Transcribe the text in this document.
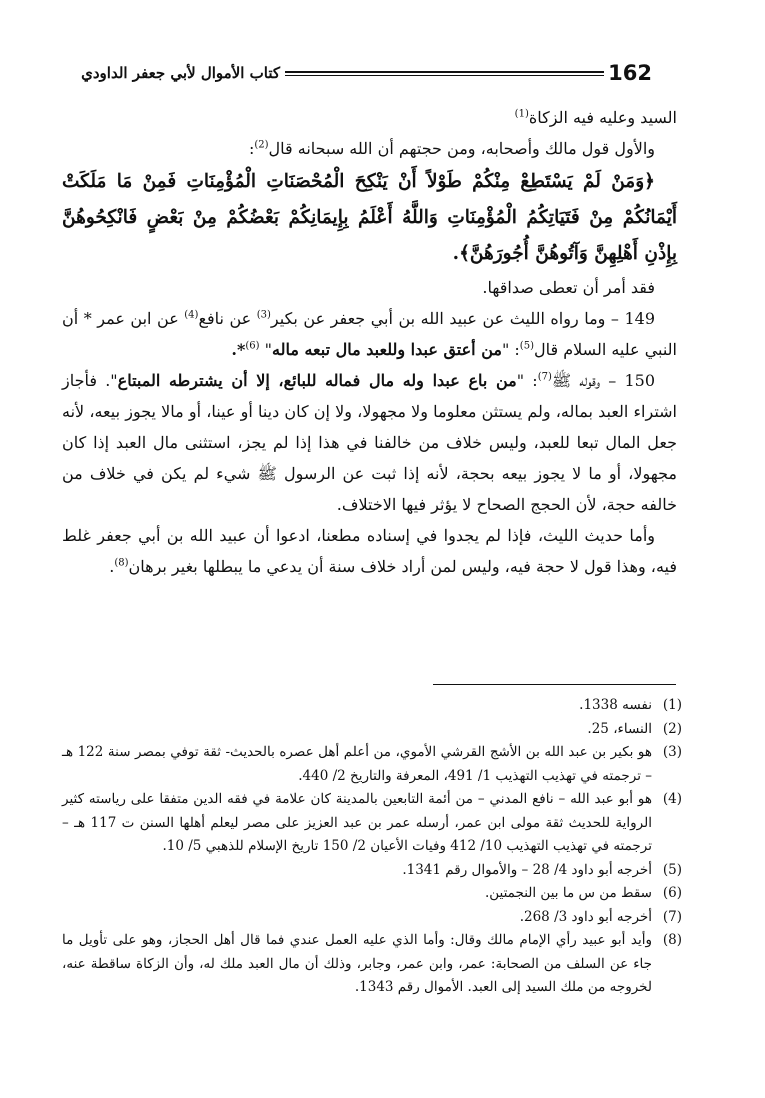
كتاب الأموال لأبي جعفر الداودي	162

السيد وعليه فيه الزكاة$^{(1)}$

والأول قول مالك وأصحابه، ومن حجتهم أن الله سبحانه قال$^{(2)}$:

﴿وَمَنْ لَمْ يَسْتَطِعْ مِنْكُمْ طَوْلاً أَنْ يَنْكِحَ الْمُحْصَنَاتِ الْمُؤْمِنَاتِ فَمِنْ مَا مَلَكَتْ أَيْمَانُكُمْ مِنْ فَتَيَاتِكُمُ الْمُؤْمِنَاتِ وَاللَّهُ أَعْلَمُ بِإِيمَانِكُمْ بَعْضُكُمْ مِنْ بَعْضٍ فَانْكِحُوهُنَّ بِإِذْنِ أَهْلِهِنَّ وَآتُوهُنَّ أُجُورَهُنَّ﴾.

فقد أمر أن تعطى صداقها.

149 – وما رواه الليث عن عبيد الله بن أبي جعفر عن بكير$^{(3)}$ عن نافع$^{(4)}$ عن ابن عمر * أن النبي عليه السلام قال$^{(5)}$: "من أعتق عبدا وللعبد مال تبعه ماله" $^{(6)}$*.

150 – وقوله ﷺ$^{(7)}$: "من باع عبدا وله مال فماله للبائع، إلا أن يشترطه المبتاع". فأجاز اشتراء العبد بماله، ولم يستثن معلوما ولا مجهولا، ولا إن كان دينا أو عينا، أو مالا يجوز بيعه، لأنه جعل المال تبعا للعبد، وليس خلاف من خالفنا في هذا إذا لم يجز، استثنى مال العبد إذا كان مجهولا، أو ما لا يجوز بيعه بحجة، لأنه إذا ثبت عن الرسول ﷺ شيء لم يكن في خلاف من خالفه حجة، لأن الحجج الصحاح لا يؤثر فيها الاختلاف.

وأما حديث الليث، فإذا لم يجدوا في إسناده مطعنا، ادعوا أن عبيد الله بن أبي جعفر غلط فيه، وهذا قول لا حجة فيه، وليس لمن أراد خلاف سنة أن يدعي ما يبطلها بغير برهان$^{(8)}$.

(1)
نفسه 1338.
(2)
النساء، 25.
(3)
هو بكير بن عبد الله بن الأشج القرشي الأموي، من أعلم أهل عصره بالحديث- ثقة توفي بمصر سنة 122 هـ – ترجمته في تهذيب التهذيب 1/ 491، المعرفة والتاريخ 2/ 440.
(4)
هو أبو عبد الله – نافع المدني – من أئمة التابعين بالمدينة كان علامة في فقه الدين متفقا على رياسته كثير الرواية للحديث ثقة مولى ابن عمر، أرسله عمر بن عبد العزيز على مصر ليعلم أهلها السنن ت 117 هـ –ترجمته في تهذيب التهذيب 10/ 412 وفيات الأعيان 2/ 150 تاريخ الإسلام للذهبي 5/ 10.
(5)
أخرجه أبو داود 4/ 28 – والأموال رقم 1341.
(6)
سقط من س ما بين النجمتين.
(7)
أخرجه أبو داود 3/ 268.
(8)
وأيد أبو عبيد رأي الإمام مالك وقال: وأما الذي عليه العمل عندي فما قال أهل الحجاز، وهو على تأويل ما جاء عن السلف من الصحابة: عمر، وابن عمر، وجابر، وذلك أن مال العبد ملك له، وأن الزكاة ساقطة عنه، لخروجه من ملك السيد إلى العبد. الأموال رقم 1343.
